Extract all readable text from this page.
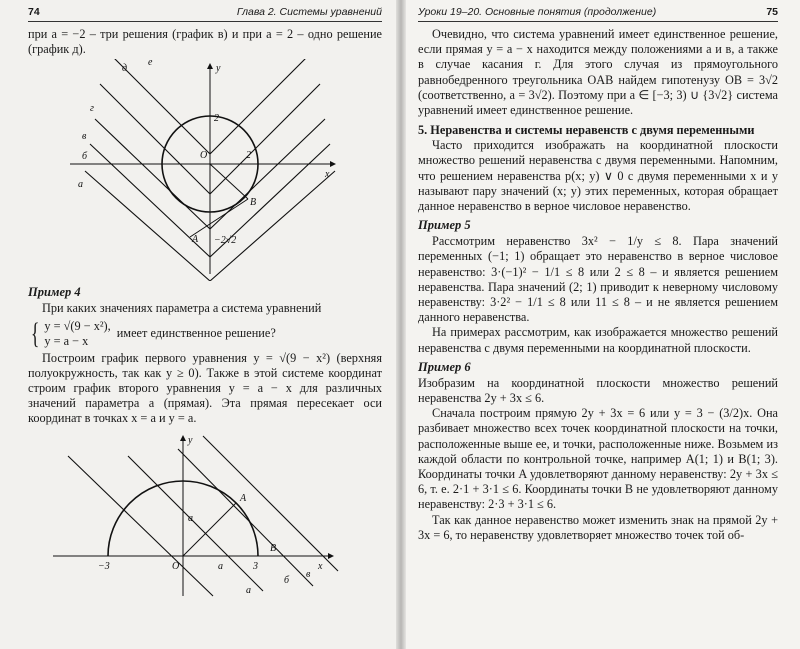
74	Глава 2. Системы уравнений

при a = −2 – три решения (график в) и при a = 2 – одно решение (график д).

x
y
O
2
2
A
B
−2√2
д
е
г
в
б
а
Пример 4

При каких значениях параметра a система уравнений

{ y = √(9 − x²),
y = a − x
имеет единственное решение?

Построим график первого уравнения y = √(9 − x²) (верхняя полуокружность, так как y ≥ 0). Также в этой системе координат строим график второго уравнения y = a − x для различных значений параметра a (прямая). Эта прямая пересекает оси координат в точках x = a и y = a.

x
y
O
−3	3
A
B
a
a
а
б
в
Уроки 19–20. Основные понятия (продолжение)	75

Очевидно, что система уравнений имеет единственное решение, если прямая y = a − x находится между положениями а и в, а также в случае касания г. Для этого случая из прямоугольного равнобедренного треугольника OAB найдем гипотенузу OB = 3√2 (соответственно, a = 3√2). Поэтому при a ∈ [−3; 3) ∪ {3√2} система уравнений имеет единственное решение.

5. Неравенства и системы неравенств с двумя переменными

Часто приходится изображать на координатной плоскости множество решений неравенства с двумя переменными. Напомним, что решением неравенства p(x; y) ∨ 0 с двумя переменными x и y называют пару значений (x; y) этих переменных, которая обращает данное неравенство в верное числовое неравенство.

Пример 5

Рассмотрим неравенство 3x² − 1/y ≤ 8. Пара значений переменных (−1; 1) обращает это неравенство в верное числовое неравенство: 3·(−1)² − 1/1 ≤ 8 или 2 ≤ 8 – и является решением неравенства. Пара значений (2; 1) приводит к неверному числовому неравенству: 3·2² − 1/1 ≤ 8 или 11 ≤ 8 – и не является решением данного неравенства.

На примерах рассмотрим, как изображается множество решений неравенства с двумя переменными на координатной плоскости.

Пример 6

Изобразим на координатной плоскости множество решений неравенства 2y + 3x ≤ 6.

Сначала построим прямую 2y + 3x = 6 или y = 3 − (3/2)x. Она разбивает множество всех точек координатной плоскости на точки, расположенные выше ее, и точки, расположенные ниже. Возьмем из каждой области по контрольной точке, например A(1; 1) и B(1; 3). Координаты точки A удовлетворяют данному неравенству: 2y + 3x ≤ 6, т. е. 2·1 + 3·1 ≤ 6. Координаты точки B не удовлетворяют данному неравенству: 2·3 + 3·1 ≤ 6.

Так как данное неравенство может изменить знак на прямой 2y + 3x = 6, то неравенству удовлетворяет множество точек той об-
